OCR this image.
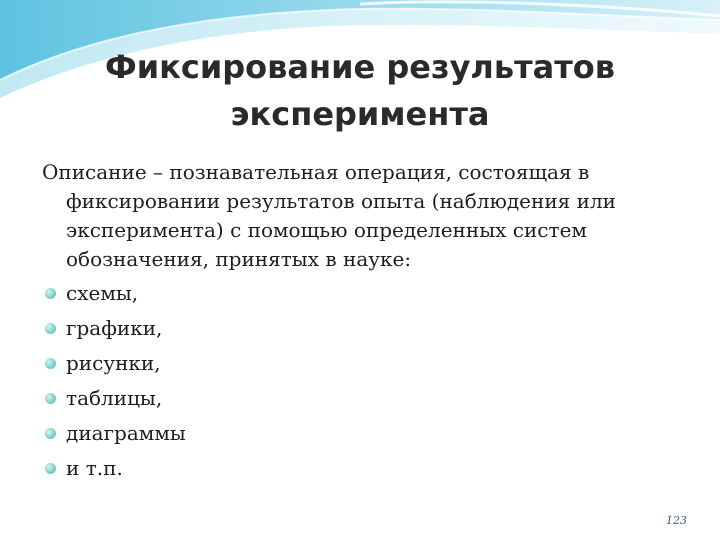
Фиксирование результатов
эксперимента

Описание – познавательная операция, состоящая в фиксировании результатов опыта (наблюдения или эксперимента) с помощью определенных систем обозначения, принятых в науке:

схемы,
графики,
рисунки,
таблицы,
диаграммы
и т.п.
123
